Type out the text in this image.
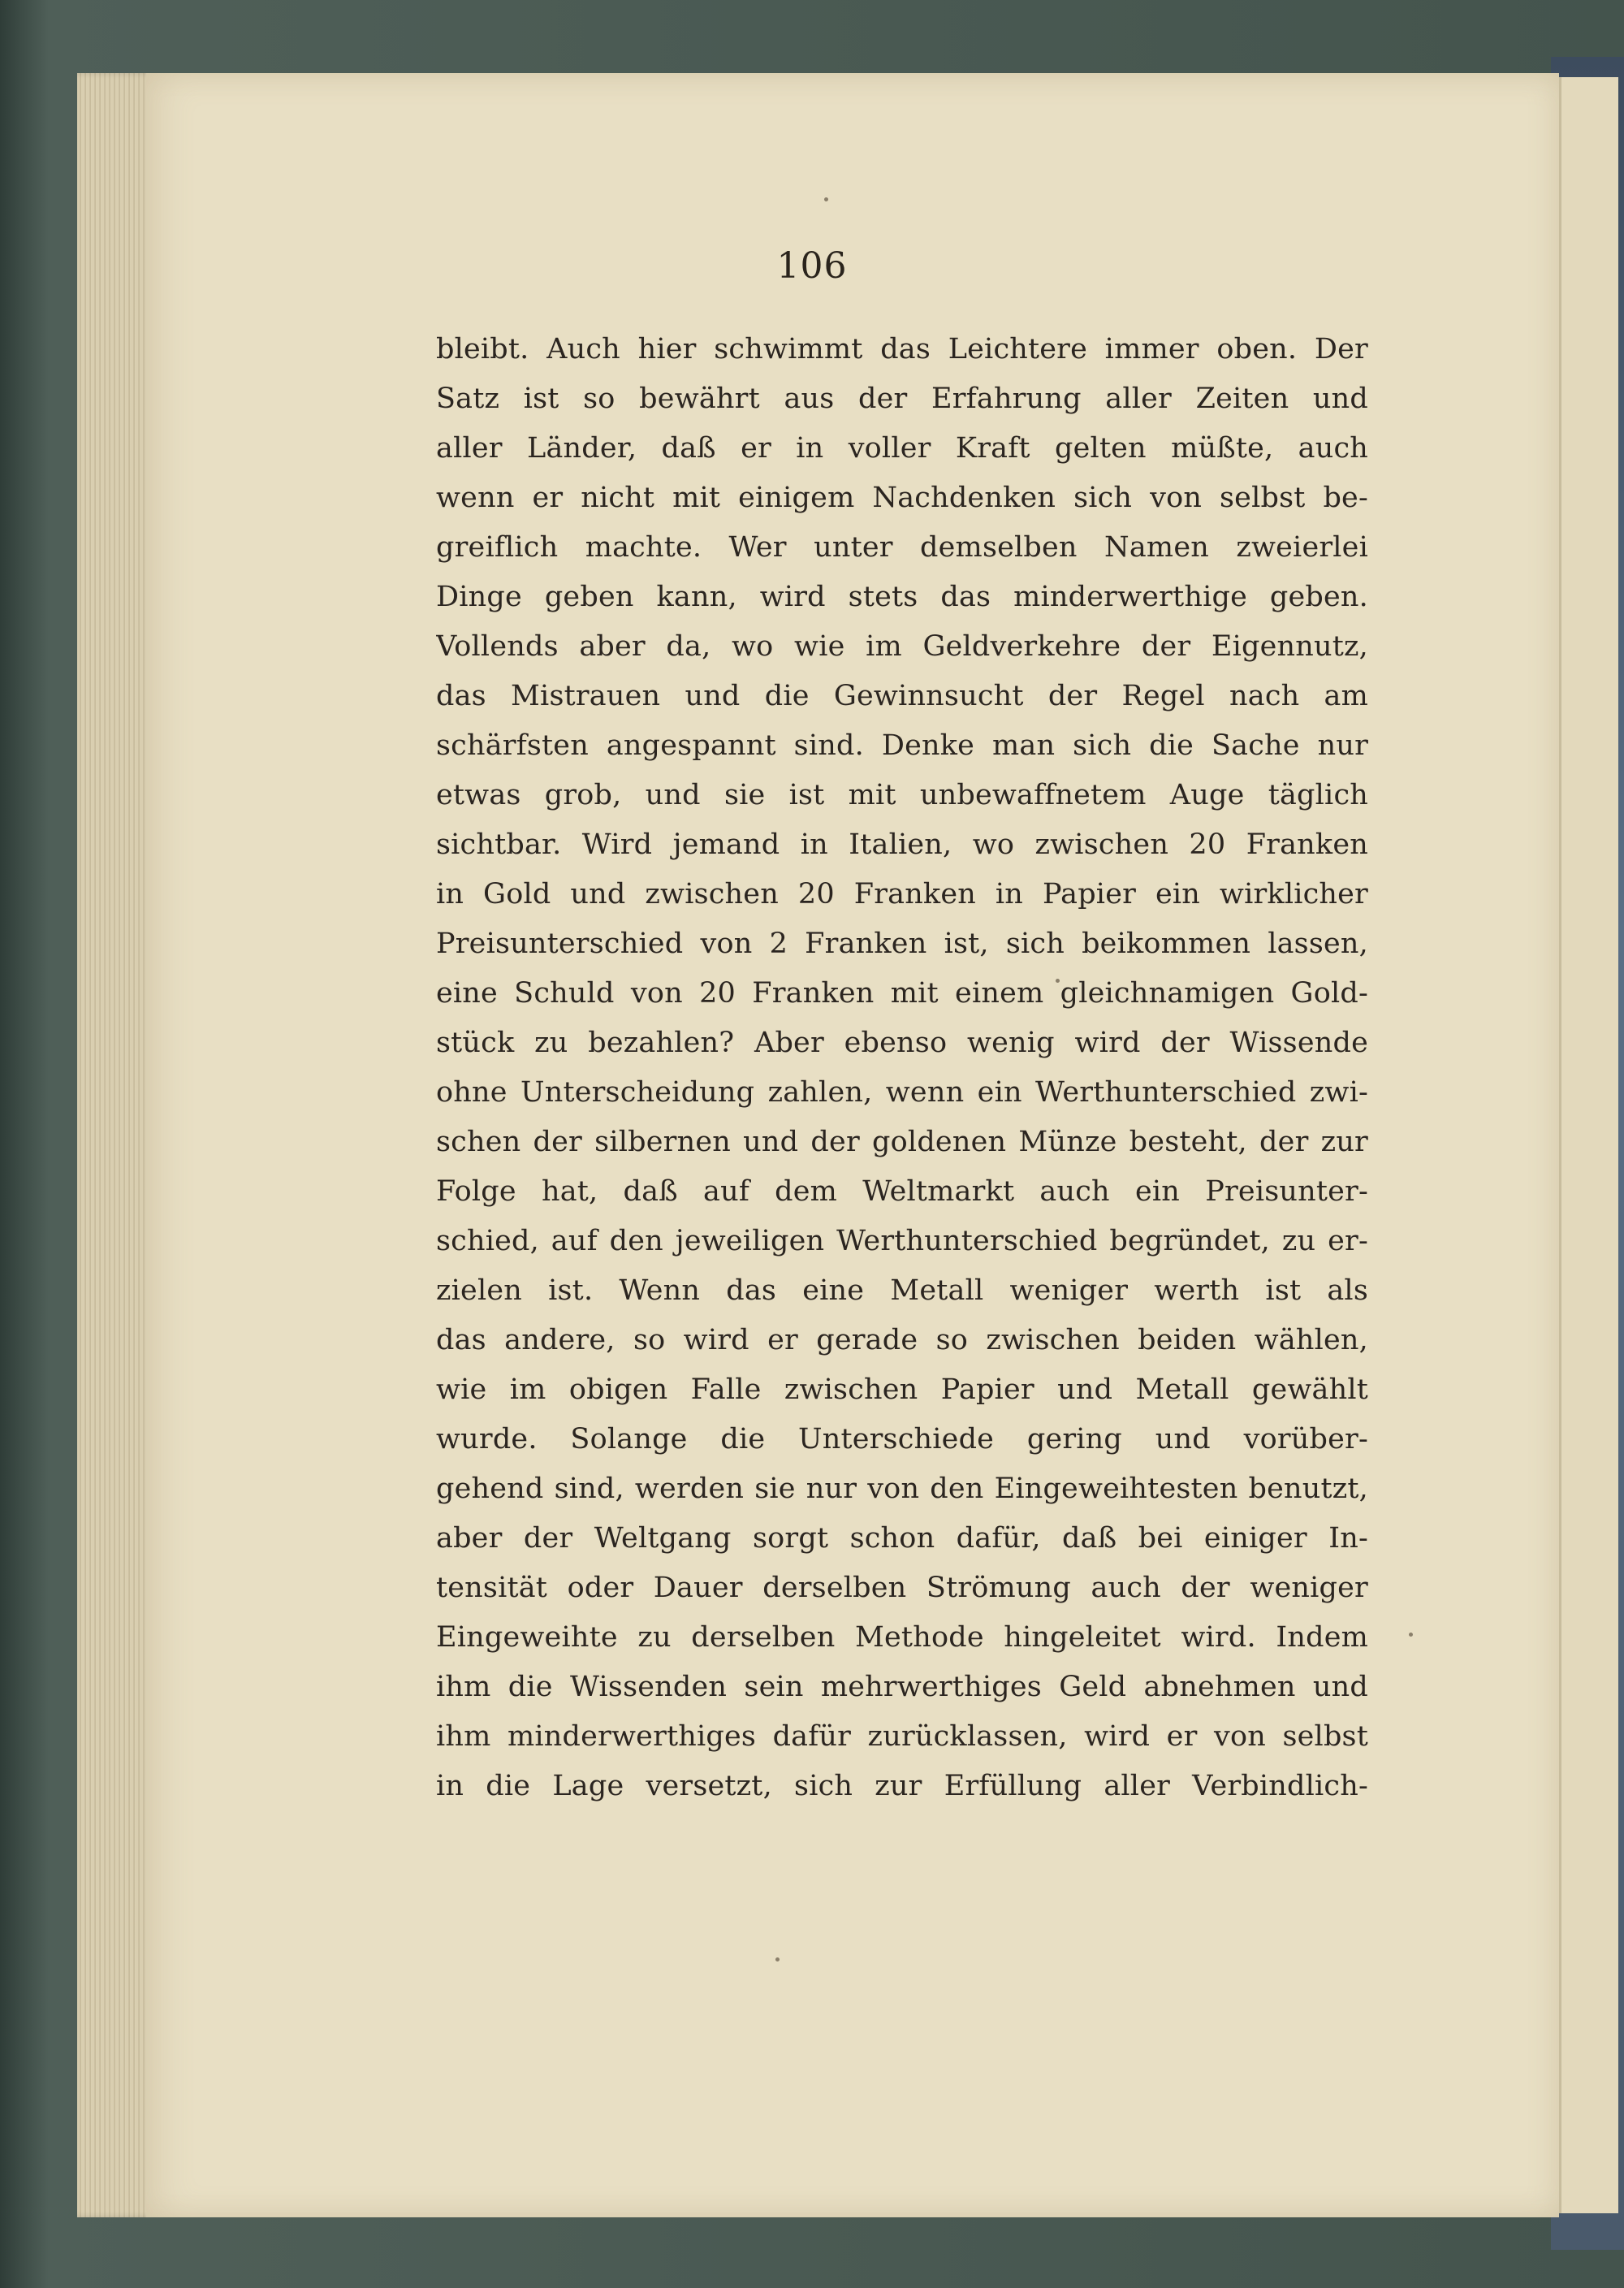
106
bleibt. Auch hier schwimmt das Leichtere immer oben. Der
Satz ist so bewährt aus der Erfahrung aller Zeiten und
aller Länder, daß er in voller Kraft gelten müßte, auch
wenn er nicht mit einigem Nachdenken sich von selbst be-
greiflich machte. Wer unter demselben Namen zweierlei
Dinge geben kann, wird stets das minderwerthige geben.
Vollends aber da, wo wie im Geldverkehre der Eigennutz,
das Mistrauen und die Gewinnsucht der Regel nach am
schärfsten angespannt sind. Denke man sich die Sache nur
etwas grob, und sie ist mit unbewaffnetem Auge täglich
sichtbar. Wird jemand in Italien, wo zwischen 20 Franken
in Gold und zwischen 20 Franken in Papier ein wirklicher
Preisunterschied von 2 Franken ist, sich beikommen lassen,
eine Schuld von 20 Franken mit einem gleichnamigen Gold-
stück zu bezahlen? Aber ebenso wenig wird der Wissende
ohne Unterscheidung zahlen, wenn ein Werthunterschied zwi-
schen der silbernen und der goldenen Münze besteht, der zur
Folge hat, daß auf dem Weltmarkt auch ein Preisunter-
schied, auf den jeweiligen Werthunterschied begründet, zu er-
zielen ist. Wenn das eine Metall weniger werth ist als
das andere, so wird er gerade so zwischen beiden wählen,
wie im obigen Falle zwischen Papier und Metall gewählt
wurde. Solange die Unterschiede gering und vorüber-
gehend sind, werden sie nur von den Eingeweihtesten benutzt,
aber der Weltgang sorgt schon dafür, daß bei einiger In-
tensität oder Dauer derselben Strömung auch der weniger
Eingeweihte zu derselben Methode hingeleitet wird. Indem
ihm die Wissenden sein mehrwerthiges Geld abnehmen und
ihm minderwerthiges dafür zurücklassen, wird er von selbst
in die Lage versetzt, sich zur Erfüllung aller Verbindlich-
